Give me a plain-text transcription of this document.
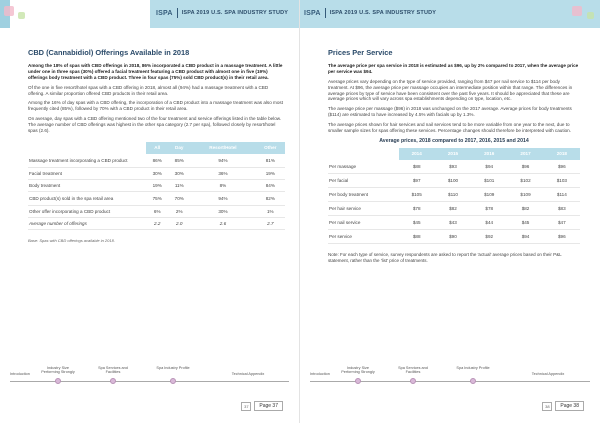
ISPA ISPA 2019 U.S. SPA INDUSTRY STUDY
CBD (Cannabidiol) Offerings Available in 2018

Among the 18% of spas with CBD offerings in 2018, 86% incorporated a CBD product in a massage treatment. A little under one in three spas (30%) offered a facial treatment featuring a CBD product with almost one in five (19%) offerings body treatment with a CBD product. Three in four spas (75%) sold CBD product(s) in their retail area.

Of the one in five resort/hotel spas with a CBD offering in 2018, almost all (94%) had a massage treatment with a CBD offering. A similar proportion offered CBD products in their retail area.

Among the 16% of day spas with a CBD offering, the incorporation of a CBD product into a massage treatment was also most frequently cited (85%), followed by 70% with a CBD product in their retail area.

On average, day spas with a CBD offering mentioned two of the four treatment and service offerings listed in the table below. The average number of CBD offerings was highest in the other spa category (2.7 per spa), followed closely by resort/hotel spas (2.6).

	All	Day	Resort/Hotel	Other
Massage treatment incorporating a CBD product	86%	85%	94%	81%
Facial treatment	30%	30%	36%	19%
Body treatment	19%	11%	8%	84%
CBD product(s) sold in the spa retail area	75%	70%	94%	82%
Other offer incorporating a CBD product	6%	2%	30%	1%
Average number of offerings	2.2	2.0	2.6	2.7
Base: Spas with CBD offerings available in 2018.
Introduction
Industry Size Performing Strongly
Spa Services and Facilities
Spa Industry Profile
Technical Appendix
37	Page 37
ISPA ISPA 2019 U.S. SPA INDUSTRY STUDY
Prices Per Service

The average price per spa service in 2018 is estimated as $96, up by 2% compared to 2017, when the average price per service was $94.

Average prices vary depending on the type of service provided, ranging from $47 per nail service to $114 per body treatment. At $96, the average price per massage occupies an intermediate position within that range. The differences in average prices by type of service have been consistent over the past five years. It should be appreciated that these are average prices which will vary across spa establishments depending on type, location, etc.

The average price per massage ($96) in 2018 was unchanged on the 2017 average. Average prices for body treatments ($114) are estimated to have increased by 4.5% with facials up by 1.3%.

The average prices shown for hair services and nail services tend to be more variable from one year to the next, due to smaller sample sizes for spas offering these services. Percentage changes should therefore be interpreted with caution.

Average prices, 2018 compared to 2017, 2016, 2015 and 2014
	2014	2015	2016	2017	2018
Per massage	$88	$93	$94	$96	$96
Per facial	$97	$100	$101	$102	$103
Per body treatment	$105	$110	$109	$109	$114
Per hair service	$78	$82	$78	$82	$83
Per nail service	$45	$43	$44	$45	$47
Per service	$88	$90	$92	$94	$96
Note: For each type of service, survey respondents are asked to report the 'actual' average prices based on their P&L statement, rather than the 'list' price of treatments.
Introduction
Industry Size Performing Strongly
Spa Services and Facilities
Spa Industry Profile
Technical Appendix
38	Page 38
